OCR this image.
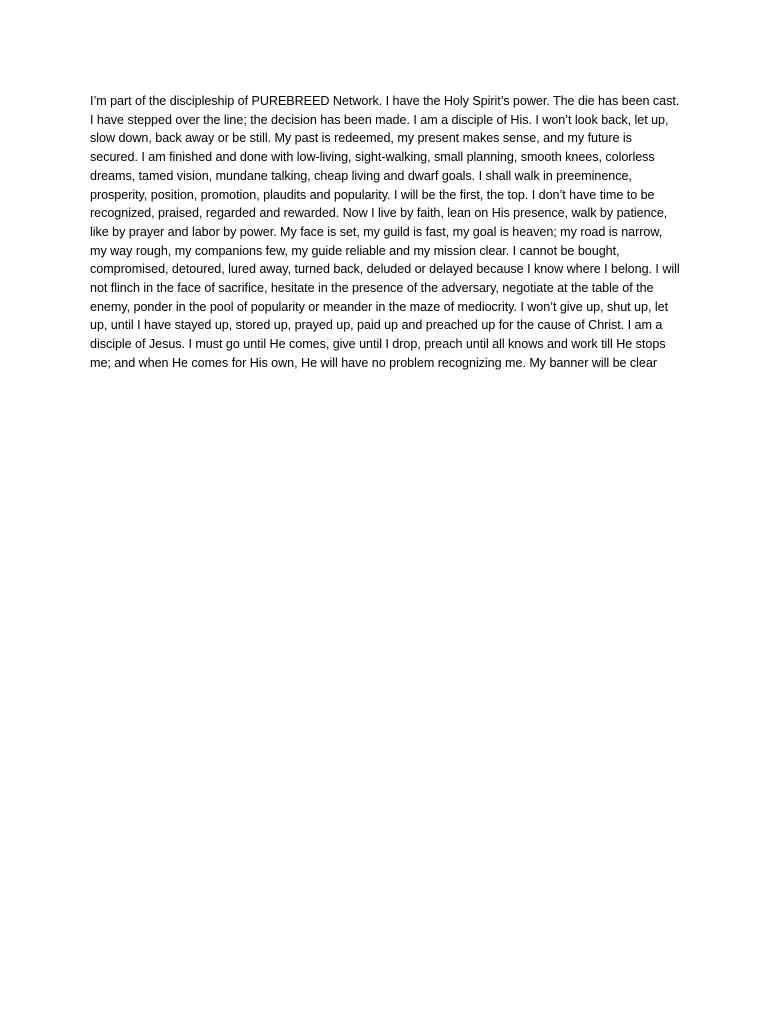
I’m part of the discipleship of PUREBREED Network. I have the Holy Spirit’s power. The die has been cast. I have stepped over the line; the decision has been made. I am a disciple of His. I won’t look back, let up, slow down, back away or be still. My past is redeemed, my present makes sense, and my future is secured. I am finished and done with low-living, sight-walking, small planning, smooth knees, colorless dreams, tamed vision, mundane talking, cheap living and dwarf goals. I shall walk in preeminence, prosperity, position, promotion, plaudits and popularity. I will be the first, the top. I don’t have time to be recognized, praised, regarded and rewarded. Now I live by faith, lean on His presence, walk by patience, like by prayer and labor by power. My face is set, my guild is fast, my goal is heaven; my road is narrow, my way rough, my companions few, my guide reliable and my mission clear. I cannot be bought, compromised, detoured, lured away, turned back, deluded or delayed because I know where I belong. I will not flinch in the face of sacrifice, hesitate in the presence of the adversary, negotiate at the table of the enemy, ponder in the pool of popularity or meander in the maze of mediocrity. I won’t give up, shut up, let up, until I have stayed up, stored up, prayed up, paid up and preached up for the cause of Christ. I am a disciple of Jesus. I must go until He comes, give until I drop, preach until all knows and work till He stops me; and when He comes for His own, He will have no problem recognizing me. My banner will be clear
